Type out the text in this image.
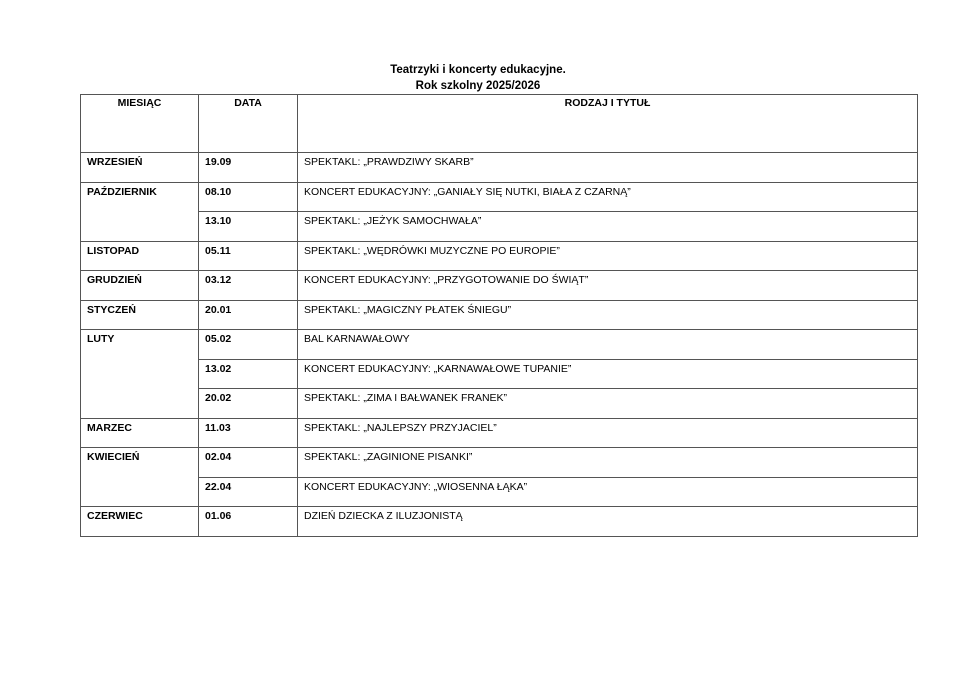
Teatrzyki i koncerty edukacyjne.
Rok szkolny 2025/2026
MIESIĄC	DATA	RODZAJ I TYTUŁ
WRZESIEŃ	19.09	SPEKTAKL: „PRAWDZIWY SKARB”
PAŹDZIERNIK	08.10	KONCERT EDUKACYJNY: „GANIAŁY SIĘ NUTKI, BIAŁA Z CZARNĄ”
	13.10	SPEKTAKL: „JEŻYK SAMOCHWAŁA”
LISTOPAD	05.11	SPEKTAKL: „WĘDRÓWKI MUZYCZNE PO EUROPIE”
GRUDZIEŃ	03.12	KONCERT EDUKACYJNY: „PRZYGOTOWANIE DO ŚWIĄT”
STYCZEŃ	20.01	SPEKTAKL: „MAGICZNY PŁATEK ŚNIEGU”
LUTY	05.02	BAL KARNAWAŁOWY
	13.02	KONCERT EDUKACYJNY: „KARNAWAŁOWE TUPANIE”
	20.02	SPEKTAKL: „ZIMA I BAŁWANEK FRANEK”
MARZEC	11.03	SPEKTAKL: „NAJLEPSZY PRZYJACIEL”
KWIECIEŃ	02.04	SPEKTAKL: „ZAGINIONE PISANKI”
	22.04	KONCERT EDUKACYJNY: „WIOSENNA ŁĄKA”
CZERWIEC	01.06	DZIEŃ DZIECKA Z ILUZJONISTĄ
